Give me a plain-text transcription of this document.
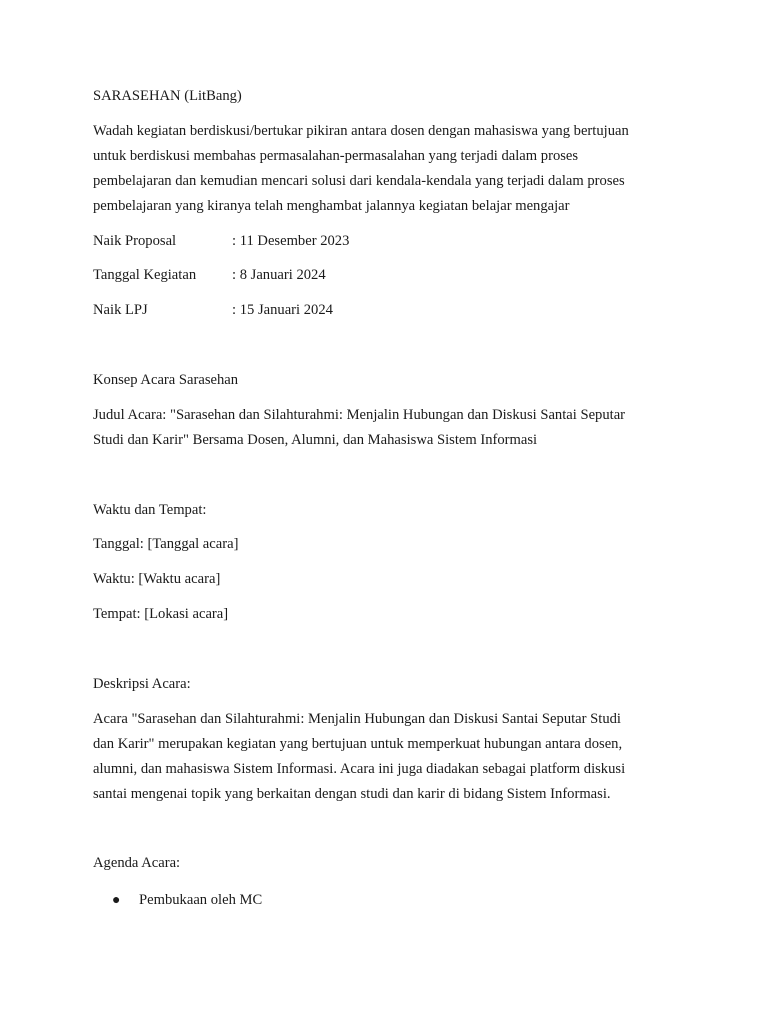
SARASEHAN (LitBang)
Wadah kegiatan berdiskusi/bertukar pikiran antara dosen dengan mahasiswa yang bertujuan
untuk berdiskusi membahas permasalahan-permasalahan yang terjadi dalam proses
pembelajaran dan kemudian mencari solusi dari kendala-kendala yang terjadi dalam proses
pembelajaran yang kiranya telah menghambat jalannya kegiatan belajar mengajar
Naik Proposal	: 11 Desember 2023
Tanggal Kegiatan : 8 Januari 2024
Naik LPJ	: 15 Januari 2024
Konsep Acara Sarasehan
Judul Acara: "Sarasehan dan Silahturahmi: Menjalin Hubungan dan Diskusi Santai Seputar
Studi dan Karir" Bersama Dosen, Alumni, dan Mahasiswa Sistem Informasi
Waktu dan Tempat:
Tanggal: [Tanggal acara]
Waktu: [Waktu acara]
Tempat: [Lokasi acara]
Deskripsi Acara:
Acara "Sarasehan dan Silahturahmi: Menjalin Hubungan dan Diskusi Santai Seputar Studi
dan Karir" merupakan kegiatan yang bertujuan untuk memperkuat hubungan antara dosen,
alumni, dan mahasiswa Sistem Informasi. Acara ini juga diadakan sebagai platform diskusi
santai mengenai topik yang berkaitan dengan studi dan karir di bidang Sistem Informasi.
Agenda Acara:
● Pembukaan oleh MC
